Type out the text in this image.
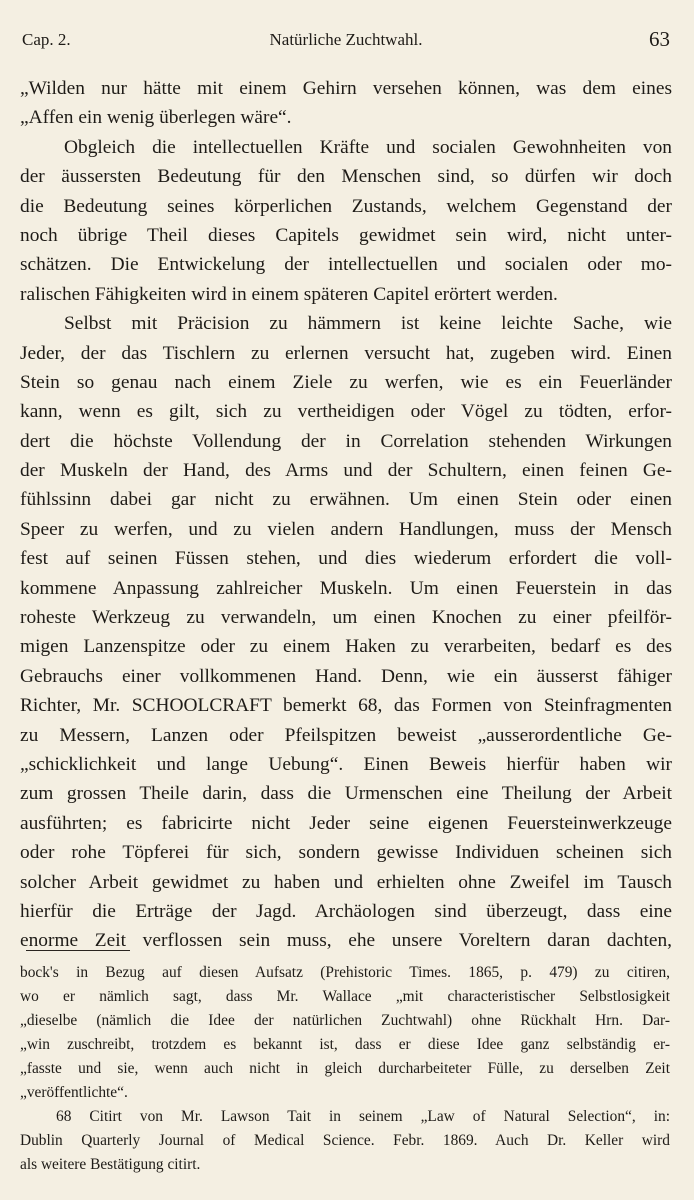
Cap. 2.	Natürliche Zuchtwahl.	63
„Wilden nur hätte mit einem Gehirn versehen können, was dem eines
„Affen ein wenig überlegen wäre“.
Obgleich die intellectuellen Kräfte und socialen Gewohnheiten von
der äussersten Bedeutung für den Menschen sind, so dürfen wir doch
die Bedeutung seines körperlichen Zustands, welchem Gegenstand der
noch übrige Theil dieses Capitels gewidmet sein wird, nicht unter-
schätzen. Die Entwickelung der intellectuellen und socialen oder mo-
ralischen Fähigkeiten wird in einem späteren Capitel erörtert werden.
Selbst mit Präcision zu hämmern ist keine leichte Sache, wie
Jeder, der das Tischlern zu erlernen versucht hat, zugeben wird. Einen
Stein so genau nach einem Ziele zu werfen, wie es ein Feuerländer
kann, wenn es gilt, sich zu vertheidigen oder Vögel zu tödten, erfor-
dert die höchste Vollendung der in Correlation stehenden Wirkungen
der Muskeln der Hand, des Arms und der Schultern, einen feinen Ge-
fühlssinn dabei gar nicht zu erwähnen. Um einen Stein oder einen
Speer zu werfen, und zu vielen andern Handlungen, muss der Mensch
fest auf seinen Füssen stehen, und dies wiederum erfordert die voll-
kommene Anpassung zahlreicher Muskeln. Um einen Feuerstein in das
roheste Werkzeug zu verwandeln, um einen Knochen zu einer pfeilför-
migen Lanzenspitze oder zu einem Haken zu verarbeiten, bedarf es des
Gebrauchs einer vollkommenen Hand. Denn, wie ein äusserst fähiger
Richter, Mr. SCHOOLCRAFT bemerkt 68, das Formen von Steinfragmenten
zu Messern, Lanzen oder Pfeilspitzen beweist „ausserordentliche Ge-
„schicklichkeit und lange Uebung“. Einen Beweis hierfür haben wir
zum grossen Theile darin, dass die Urmenschen eine Theilung der Arbeit
ausführten; es fabricirte nicht Jeder seine eigenen Feuersteinwerkzeuge
oder rohe Töpferei für sich, sondern gewisse Individuen scheinen sich
solcher Arbeit gewidmet zu haben und erhielten ohne Zweifel im Tausch
hierfür die Erträge der Jagd. Archäologen sind überzeugt, dass eine
enorme Zeit verflossen sein muss, ehe unsere Voreltern daran dachten,
bock's in Bezug auf diesen Aufsatz (Prehistoric Times. 1865, p. 479) zu citiren,
wo er nämlich sagt, dass Mr. Wallace „mit characteristischer Selbstlosigkeit
„dieselbe (nämlich die Idee der natürlichen Zuchtwahl) ohne Rückhalt Hrn. Dar-
„win zuschreibt, trotzdem es bekannt ist, dass er diese Idee ganz selbständig er-
„fasste und sie, wenn auch nicht in gleich durcharbeiteter Fülle, zu derselben Zeit
„veröffentlichte“.
68 Citirt von Mr. Lawson Tait in seinem „Law of Natural Selection“, in:
Dublin Quarterly Journal of Medical Science. Febr. 1869. Auch Dr. Keller wird
als weitere Bestätigung citirt.
